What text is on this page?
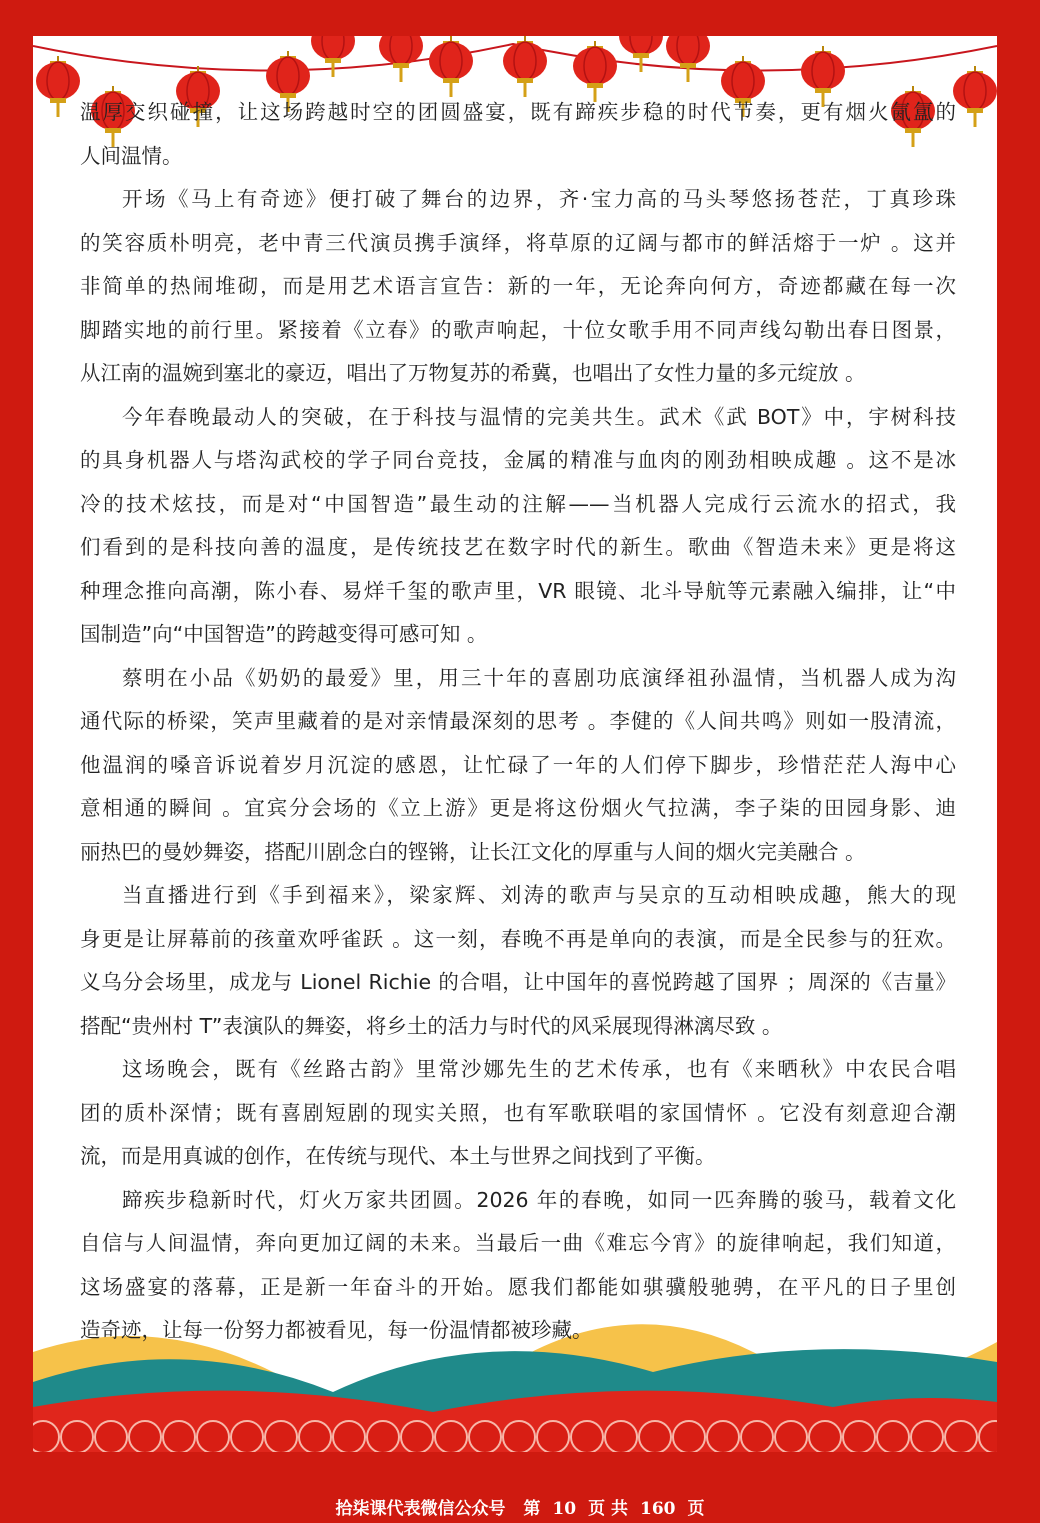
温厚交织碰撞，让这场跨越时空的团圆盛宴，既有蹄疾步稳的时代节奏，更有烟火氤氲的
人间温情。
开场《马上有奇迹》便打破了舞台的边界，齐·宝力高的马头琴悠扬苍茫，丁真珍珠
的笑容质朴明亮，老中青三代演员携手演绎，将草原的辽阔与都市的鲜活熔于一炉 。这并
非简单的热闹堆砌，而是用艺术语言宣告：新的一年，无论奔向何方，奇迹都藏在每一次
脚踏实地的前行里。紧接着《立春》的歌声响起，十位女歌手用不同声线勾勒出春日图景，
从江南的温婉到塞北的豪迈，唱出了万物复苏的希冀，也唱出了女性力量的多元绽放 。
今年春晚最动人的突破，在于科技与温情的完美共生。武术《武 BOT》中，宇树科技
的具身机器人与塔沟武校的学子同台竞技，金属的精准与血肉的刚劲相映成趣 。这不是冰
冷的技术炫技，而是对“中国智造”最生动的注解——当机器人完成行云流水的招式，我
们看到的是科技向善的温度，是传统技艺在数字时代的新生。歌曲《智造未来》更是将这
种理念推向高潮，陈小春、易烊千玺的歌声里，VR 眼镜、北斗导航等元素融入编排，让“中
国制造”向“中国智造”的跨越变得可感可知 。
蔡明在小品《奶奶的最爱》里，用三十年的喜剧功底演绎祖孙温情，当机器人成为沟
通代际的桥梁，笑声里藏着的是对亲情最深刻的思考 。李健的《人间共鸣》则如一股清流，
他温润的嗓音诉说着岁月沉淀的感恩，让忙碌了一年的人们停下脚步，珍惜茫茫人海中心
意相通的瞬间 。宜宾分会场的《立上游》更是将这份烟火气拉满，李子柒的田园身影、迪
丽热巴的曼妙舞姿，搭配川剧念白的铿锵，让长江文化的厚重与人间的烟火完美融合 。
当直播进行到《手到福来》，梁家辉、刘涛的歌声与吴京的互动相映成趣，熊大的现
身更是让屏幕前的孩童欢呼雀跃 。这一刻，春晚不再是单向的表演，而是全民参与的狂欢。
义乌分会场里，成龙与 Lionel Richie 的合唱，让中国年的喜悦跨越了国界 ；周深的《吉量》
搭配“贵州村 T”表演队的舞姿，将乡土的活力与时代的风采展现得淋漓尽致 。
这场晚会，既有《丝路古韵》里常沙娜先生的艺术传承，也有《来晒秋》中农民合唱
团的质朴深情；既有喜剧短剧的现实关照，也有军歌联唱的家国情怀 。它没有刻意迎合潮
流，而是用真诚的创作，在传统与现代、本土与世界之间找到了平衡。
蹄疾步稳新时代，灯火万家共团圆。2026 年的春晚，如同一匹奔腾的骏马，载着文化
自信与人间温情，奔向更加辽阔的未来。当最后一曲《难忘今宵》的旋律响起，我们知道，
这场盛宴的落幕，正是新一年奋斗的开始。愿我们都能如骐骥般驰骋，在平凡的日子里创
造奇迹，让每一份努力都被看见，每一份温情都被珍藏。
拾柒课代表微信公众号 第 10 页 共 160 页
